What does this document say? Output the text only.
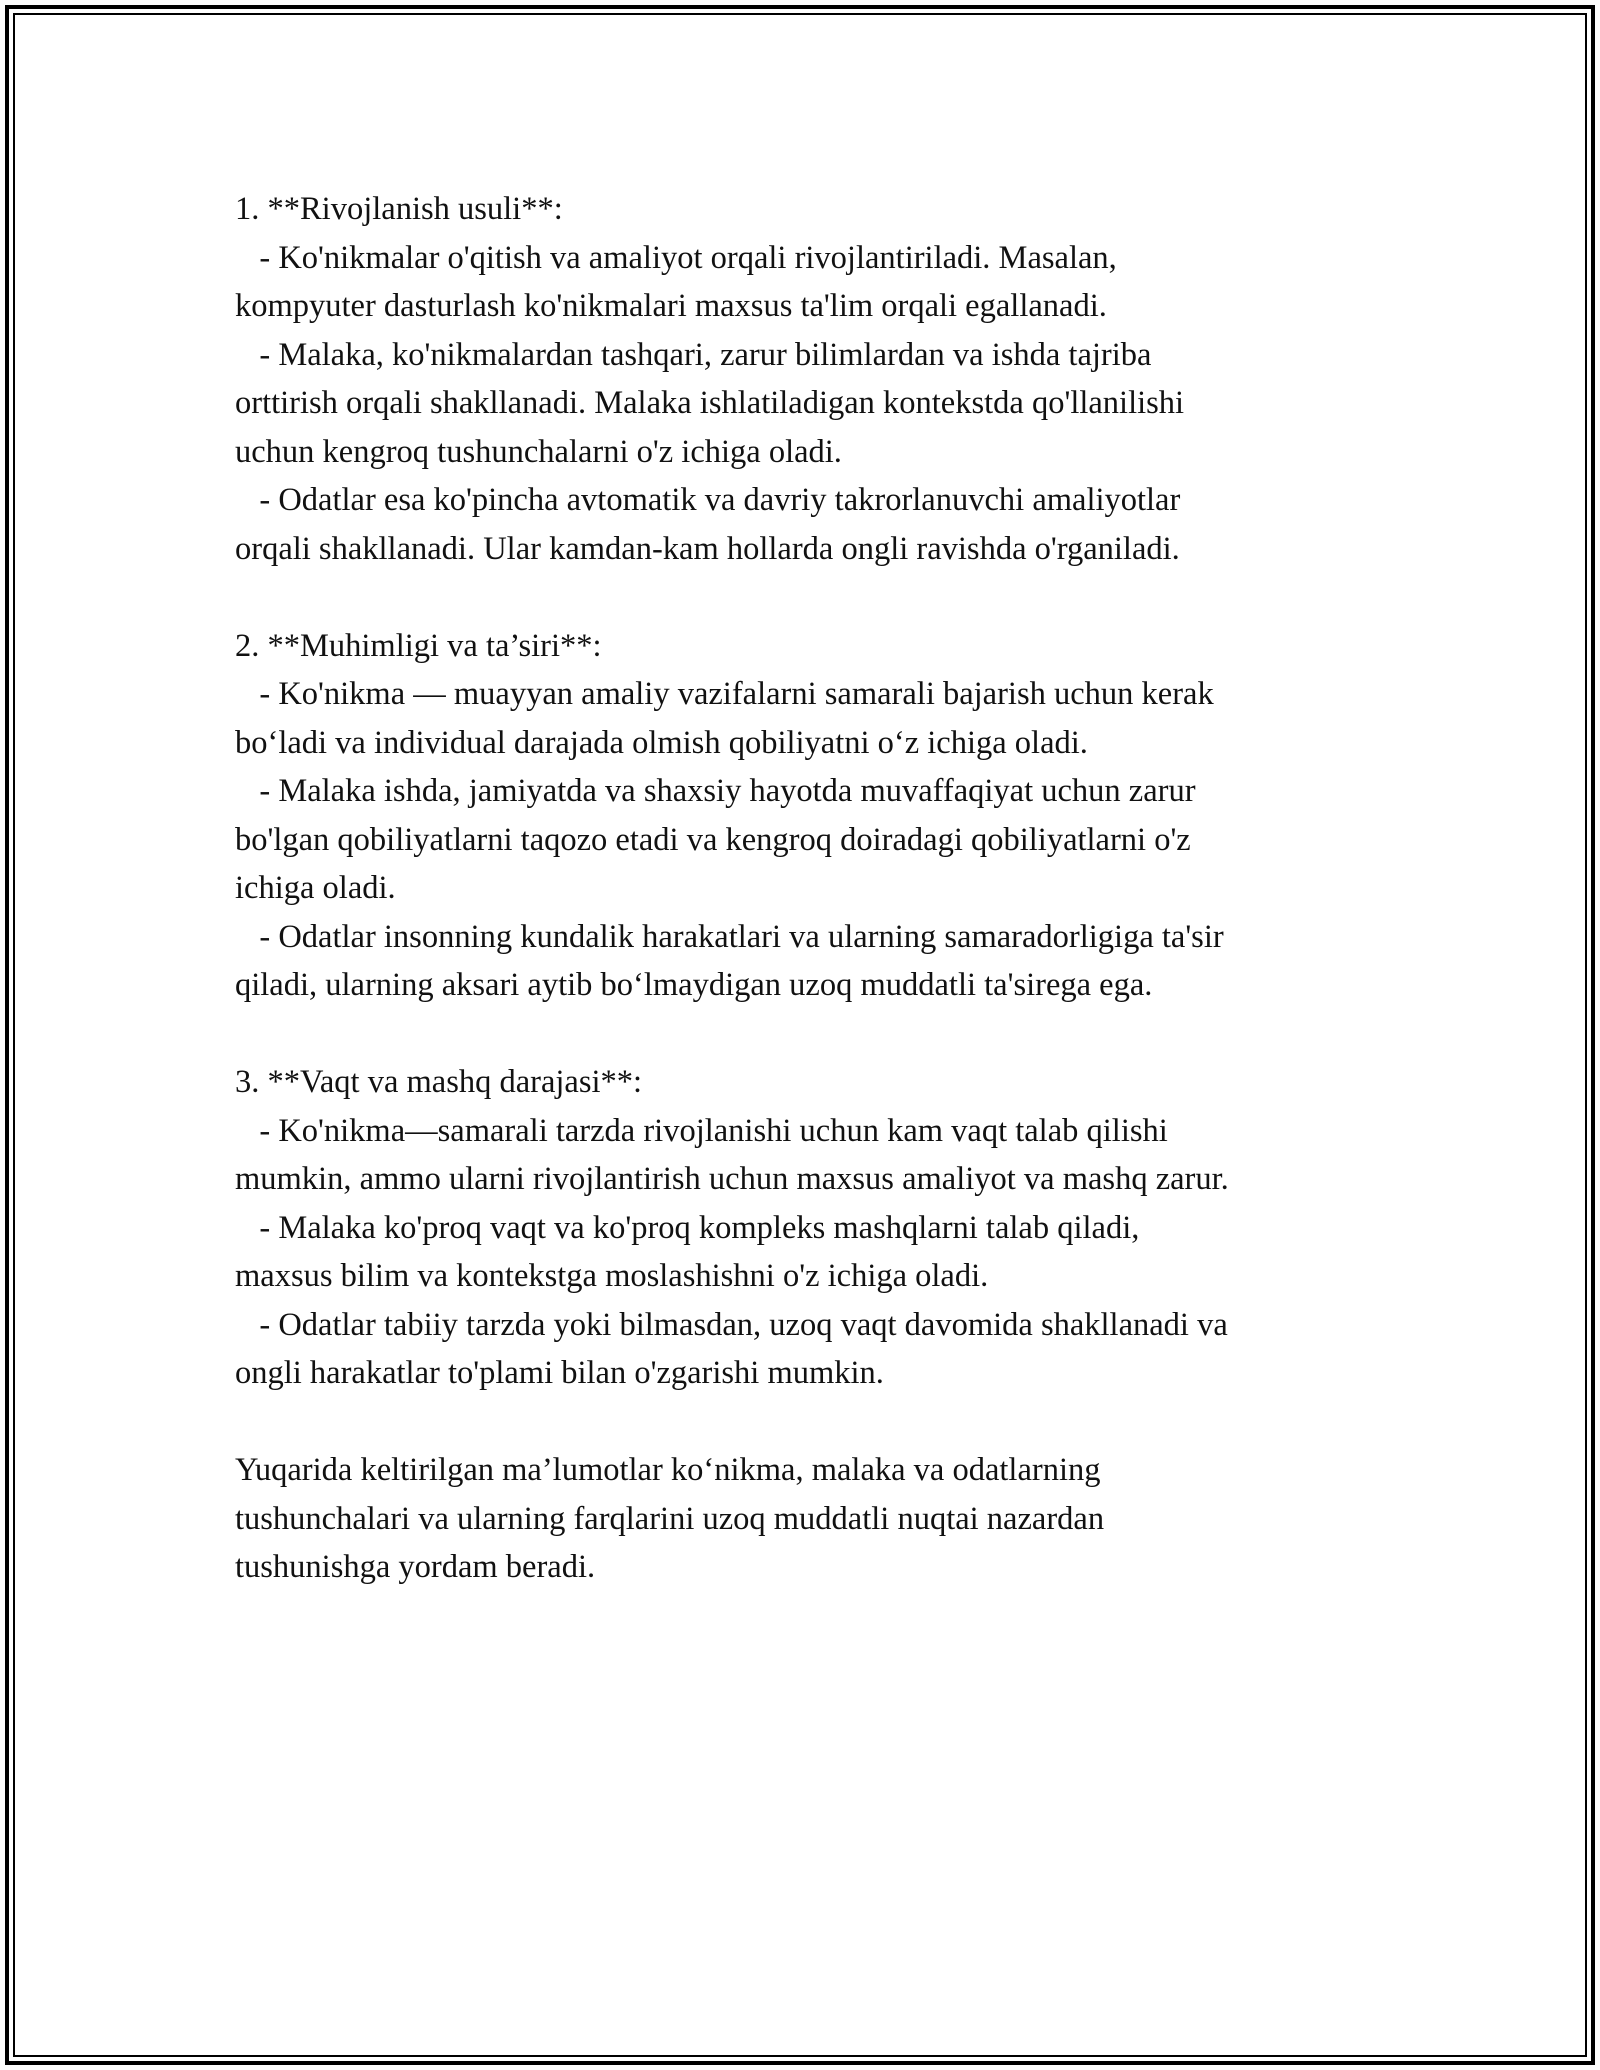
1. **Rivojlanish usuli**:
- Ko'nikmalar o'qitish va amaliyot orqali rivojlantiriladi. Masalan,
kompyuter dasturlash ko'nikmalari maxsus ta'lim orqali egallanadi.
- Malaka, ko'nikmalardan tashqari, zarur bilimlardan va ishda tajriba
orttirish orqali shakllanadi. Malaka ishlatiladigan kontekstda qo'llanilishi
uchun kengroq tushunchalarni o'z ichiga oladi.
- Odatlar esa ko'pincha avtomatik va davriy takrorlanuvchi amaliyotlar
orqali shakllanadi. Ular kamdan-kam hollarda ongli ravishda o'rganiladi.
2. **Muhimligi va ta’siri**:
- Ko'nikma — muayyan amaliy vazifalarni samarali bajarish uchun kerak
bo‘ladi va individual darajada olmish qobiliyatni o‘z ichiga oladi.
- Malaka ishda, jamiyatda va shaxsiy hayotda muvaffaqiyat uchun zarur
bo'lgan qobiliyatlarni taqozo etadi va kengroq doiradagi qobiliyatlarni o'z
ichiga oladi.
- Odatlar insonning kundalik harakatlari va ularning samaradorligiga ta'sir
qiladi, ularning aksari aytib bo‘lmaydigan uzoq muddatli ta'sirega ega.
3. **Vaqt va mashq darajasi**:
- Ko'nikma—samarali tarzda rivojlanishi uchun kam vaqt talab qilishi
mumkin, ammo ularni rivojlantirish uchun maxsus amaliyot va mashq zarur.
- Malaka ko'proq vaqt va ko'proq kompleks mashqlarni talab qiladi,
maxsus bilim va kontekstga moslashishni o'z ichiga oladi.
- Odatlar tabiiy tarzda yoki bilmasdan, uzoq vaqt davomida shakllanadi va
ongli harakatlar to'plami bilan o'zgarishi mumkin.
Yuqarida keltirilgan ma’lumotlar ko‘nikma, malaka va odatlarning
tushunchalari va ularning farqlarini uzoq muddatli nuqtai nazardan
tushunishga yordam beradi.
